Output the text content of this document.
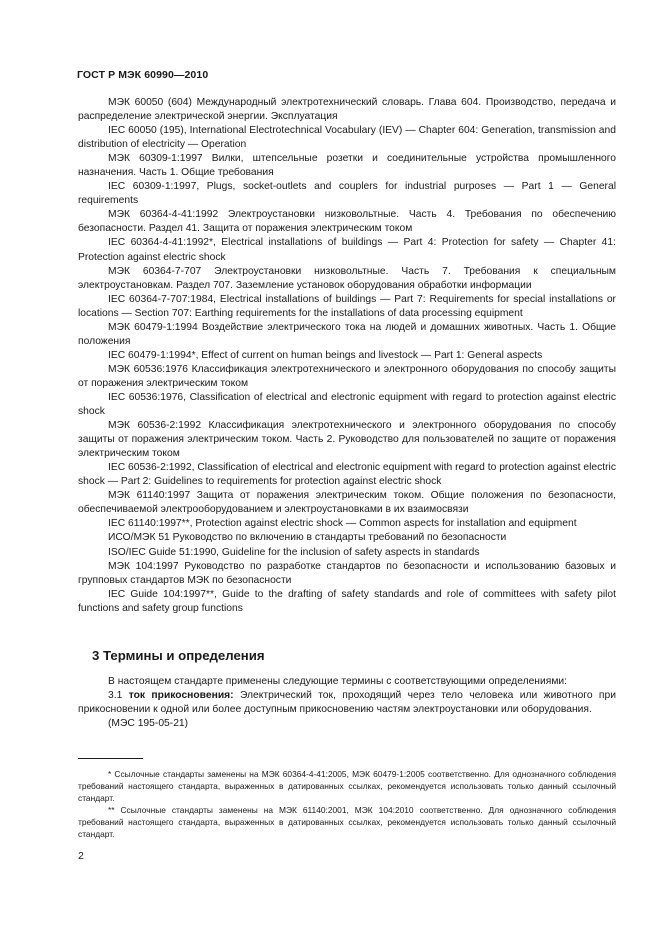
ГОСТ Р МЭК 60990—2010

МЭК 60050 (604) Международный электротехнический словарь. Глава 604. Производство, передача и распределение электрической энергии. Эксплуатация

IEC 60050 (195), International Electrotechnical Vocabulary (IEV) — Chapter 604: Generation, transmission and distribution of electricity — Operation

МЭК 60309-1:1997 Вилки, штепсельные розетки и соединительные устройства промышленного назначения. Часть 1. Общие требования

IEC 60309-1:1997, Plugs, socket-outlets and couplers for industrial purposes — Part 1 — General requirements

МЭК 60364-4-41:1992 Электроустановки низковольтные. Часть 4. Требования по обеспечению безопасности. Раздел 41. Защита от поражения электрическим током

IEC 60364-4-41:1992*, Electrical installations of buildings — Part 4: Protection for safety — Chapter 41: Protection against electric shock

МЭК 60364-7-707 Электроустановки низковольтные. Часть 7. Требования к специальным электроустановкам. Раздел 707. Заземление установок оборудования обработки информации

IEC 60364-7-707:1984, Electrical installations of buildings — Part 7: Requirements for special installations or locations — Section 707: Earthing requirements for the installations of data processing equipment

МЭК 60479-1:1994 Воздействие электрического тока на людей и домашних животных. Часть 1. Общие положения

IEC 60479-1:1994*, Effect of current on human beings and livestock — Part 1: General aspects

МЭК 60536:1976 Классификация электротехнического и электронного оборудования по способу защиты от поражения электрическим током

IEC 60536:1976, Classification of electrical and electronic equipment with regard to protection against electric shock

МЭК 60536-2:1992 Классификация электротехнического и электронного оборудования по способу защиты от поражения электрическим током. Часть 2. Руководство для пользователей по защите от поражения электрическим током

IEC 60536-2:1992, Classification of electrical and electronic equipment with regard to protection against electric shock — Part 2: Guidelines to requirements for protection against electric shock

МЭК 61140:1997 Защита от поражения электрическим током. Общие положения по безопасности, обеспечиваемой электрооборудованием и электроустановками в их взаимосвязи

IEC 61140:1997**, Protection against electric shock — Common aspects for installation and equipment

ИСО/МЭК 51 Руководство по включению в стандарты требований по безопасности

ISO/IEC Guide 51:1990, Guideline for the inclusion of safety aspects in standards

МЭК 104:1997 Руководство по разработке стандартов по безопасности и использованию базовых и групповых стандартов МЭК по безопасности

IEC Guide 104:1997**, Guide to the drafting of safety standards and role of committees with safety pilot functions and safety group functions

3 Термины и определения

В настоящем стандарте применены следующие термины с соответствующими определениями:

3.1 ток прикосновения: Электрический ток, проходящий через тело человека или животного при прикосновении к одной или более доступным прикосновению частям электроустановки или оборудования.

(МЭС 195-05-21)

* Ссылочные стандарты заменены на МЭК 60364-4-41:2005, МЭК 60479-1:2005 соответственно. Для однозначного соблюдения требований настоящего стандарта, выраженных в датированных ссылках, рекомендуется использовать только данный ссылочный стандарт.

** Ссылочные стандарты заменены на МЭК 61140:2001, МЭК 104:2010 соответственно. Для однозначного соблюдения требований настоящего стандарта, выраженных в датированных ссылках, рекомендуется использовать только данный ссылочный стандарт.

2
